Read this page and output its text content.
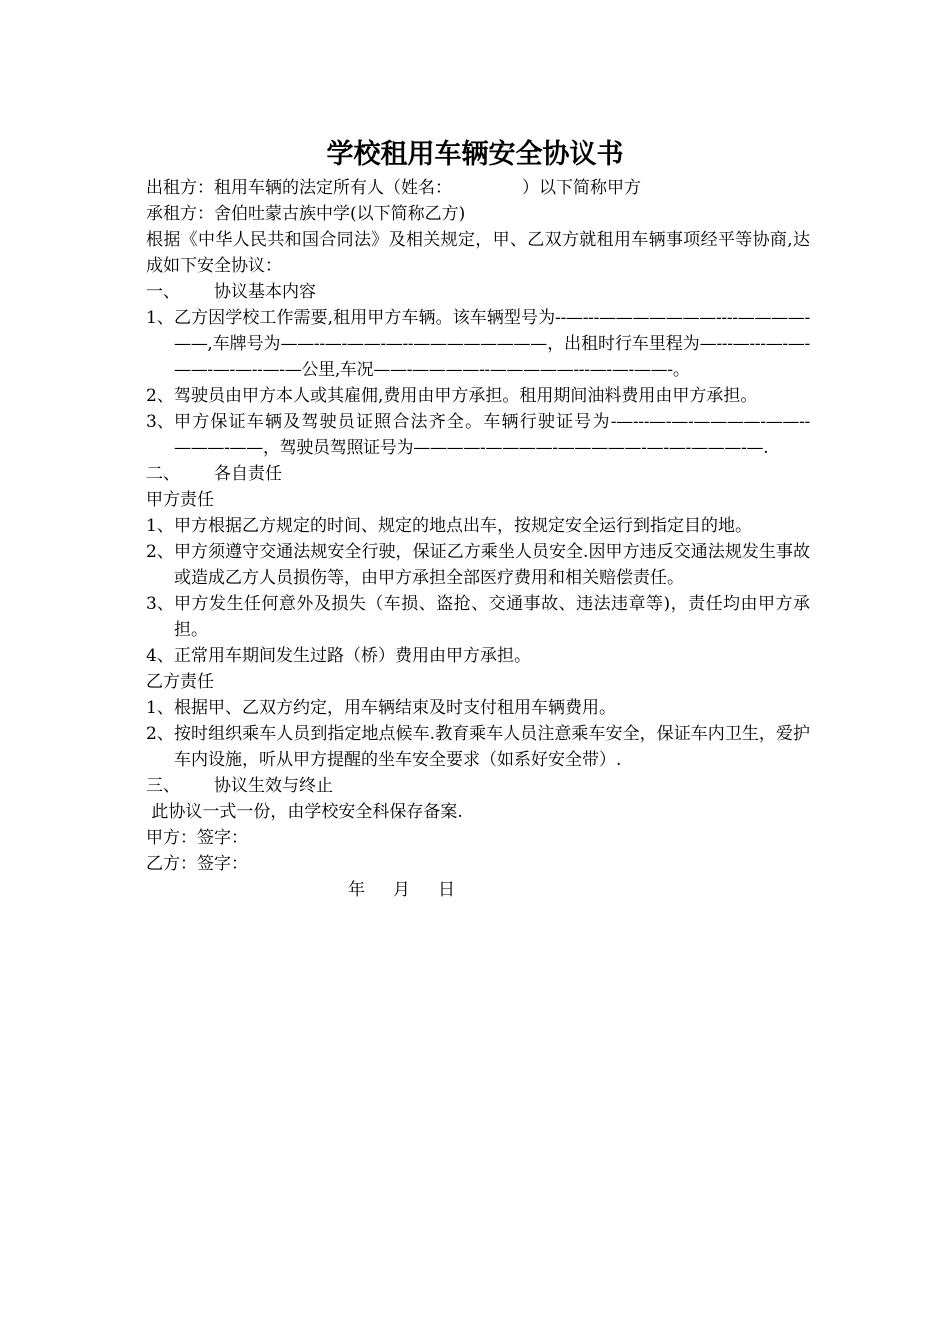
学校租用车辆安全协议书
出租方：租用车辆的法定所有人（姓名：	）以下简称甲方
承租方：舍伯吐蒙古族中学(以下简称乙方)
根据《中华人民共和国合同法》及相关规定，甲、乙双方就租用车辆事项经平等协商,达成如下安全协议：
一、	协议基本内容
1、 乙方因学校工作需要,租用甲方车辆。该车辆型号为--—---———————----————-——,车牌号为——--—-——-—--————————，出租时行车里程为—---—---—-—-——-—-—--—-—公里,车况——-————--—————---—-—-——-。
2、 驾驶员由甲方本人或其雇佣,费用由甲方承担。租用期间油料费用由甲方承担。
3、 甲方保证车辆及驾驶员证照合法齐全。车辆行驶证号为-—---—-—-————-——--———-——，驾驶员驾照证号为————-————-—————-—-—-———-—.
二、	各自责任
甲方责任
1、 甲方根据乙方规定的时间、规定的地点出车，按规定安全运行到指定目的地。
2、 甲方须遵守交通法规安全行驶，保证乙方乘坐人员安全.因甲方违反交通法规发生事故或造成乙方人员损伤等，由甲方承担全部医疗费用和相关赔偿责任。
3、 甲方发生任何意外及损失（车损、盗抢、交通事故、违法违章等)，责任均由甲方承担。
4、 正常用车期间发生过路（桥）费用由甲方承担。
乙方责任
1、 根据甲、乙双方约定，用车辆结束及时支付租用车辆费用。
2、 按时组织乘车人员到指定地点候车.教育乘车人员注意乘车安全，保证车内卫生，爱护车内设施，听从甲方提醒的坐车安全要求（如系好安全带）.
三、	协议生效与终止
此协议一式一份，由学校安全科保存备案.
甲方：签字：
乙方：签字：
年 月 日
